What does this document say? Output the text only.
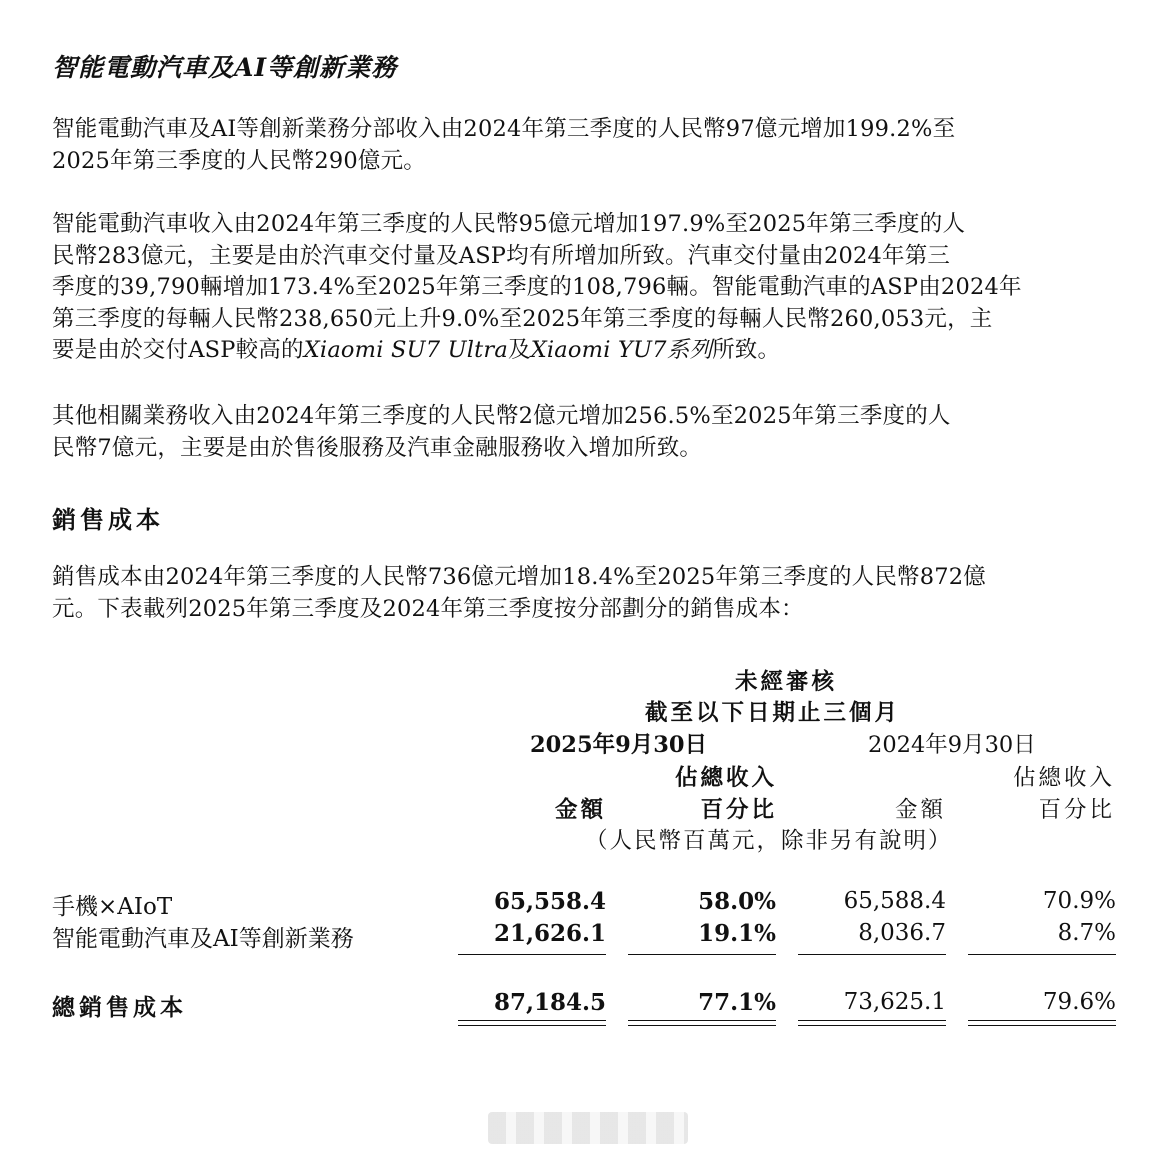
智能電動汽車及AI等創新業務
智能電動汽車及AI等創新業務分部收入由2024年第三季度的人民幣97億元增加199.2%至
2025年第三季度的人民幣290億元。
智能電動汽車收入由2024年第三季度的人民幣95億元增加197.9%至2025年第三季度的人
民幣283億元，主要是由於汽車交付量及ASP均有所增加所致。汽車交付量由2024年第三
季度的39,790輛增加173.4%至2025年第三季度的108,796輛。智能電動汽車的ASP由2024年
第三季度的每輛人民幣238,650元上升9.0%至2025年第三季度的每輛人民幣260,053元，主
要是由於交付ASP較高的Xiaomi SU7 Ultra及Xiaomi YU7系列所致。
其他相關業務收入由2024年第三季度的人民幣2億元增加256.5%至2025年第三季度的人
民幣7億元，主要是由於售後服務及汽車金融服務收入增加所致。
銷售成本
銷售成本由2024年第三季度的人民幣736億元增加18.4%至2025年第三季度的人民幣872億
元。下表載列2025年第三季度及2024年第三季度按分部劃分的銷售成本：
未經審核
截至以下日期止三個月
2025年9月30日	2024年9月30日
佔總收入	佔總收入
金額	百分比	金額	百分比
（人民幣百萬元，除非另有說明）
手機×AIoT	65,558.4	58.0%	65,588.4	70.9%
智能電動汽車及AI等創新業務	21,626.1	19.1%	8,036.7	8.7%
總銷售成本	87,184.5	77.1%	73,625.1	79.6%
